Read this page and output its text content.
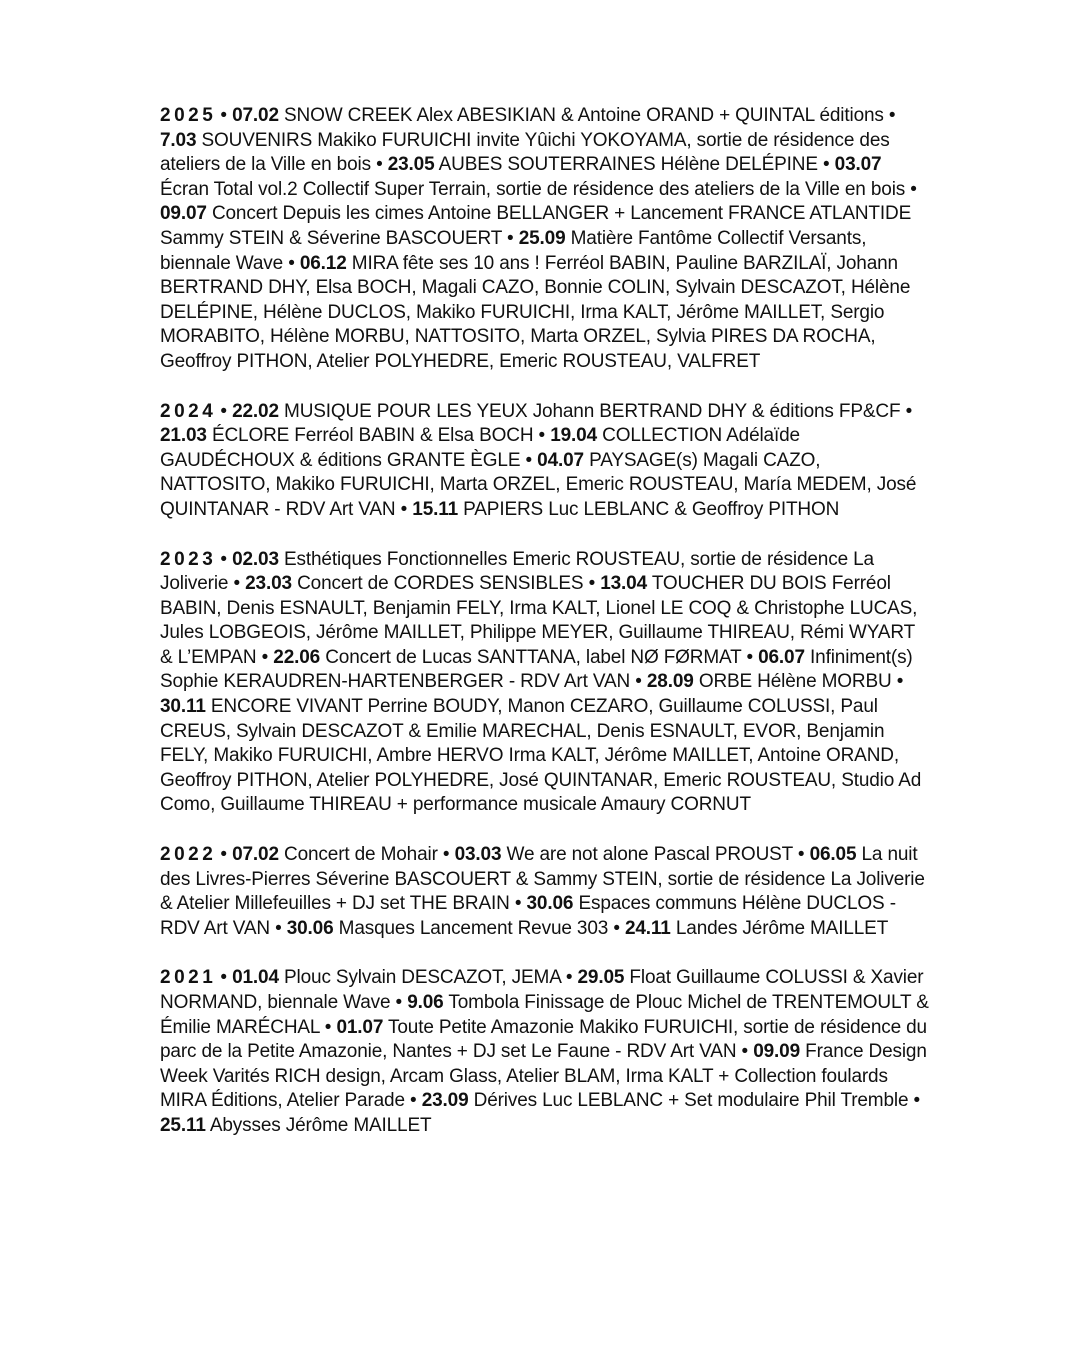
2025 • 07.02 SNOW CREEK Alex ABESIKIAN & Antoine ORAND + QUINTAL éditions • 7.03 SOUVENIRS Makiko FURUICHI invite Yûichi YOKOYAMA, sortie de résidence des ateliers de la Ville en bois • 23.05 AUBES SOUTERRAINES Hélène DELÉPINE • 03.07 Écran Total vol.2 Collectif Super Terrain, sortie de résidence des ateliers de la Ville en bois • 09.07 Concert Depuis les cimes Antoine BELLANGER + Lancement FRANCE ATLANTIDE Sammy STEIN & Séverine BASCOUERT • 25.09 Matière Fantôme Collectif Versants, biennale Wave • 06.12 MIRA fête ses 10 ans ! Ferréol BABIN, Pauline BARZILAÏ, Johann BERTRAND DHY, Elsa BOCH, Magali CAZO, Bonnie COLIN, Sylvain DESCAZOT, Hélène DELÉPINE, Hélène DUCLOS, Makiko FURUICHI, Irma KALT, Jérôme MAILLET, Sergio MORABITO, Hélène MORBU, NATTOSITO, Marta ORZEL, Sylvia PIRES DA ROCHA, Geoffroy PITHON, Atelier POLYHEDRE, Emeric ROUSTEAU, VALFRET

2024 • 22.02 MUSIQUE POUR LES YEUX Johann BERTRAND DHY & éditions FP&CF • 21.03 ÉCLORE Ferréol BABIN & Elsa BOCH • 19.04 COLLECTION Adélaïde GAUDÉCHOUX & éditions GRANTE ÈGLE • 04.07 PAYSAGE(s) Magali CAZO, NATTOSITO, Makiko FURUICHI, Marta ORZEL, Emeric ROUSTEAU, María MEDEM, José QUINTANAR - RDV Art VAN • 15.11 PAPIERS Luc LEBLANC & Geoffroy PITHON

2023 • 02.03 Esthétiques Fonctionnelles Emeric ROUSTEAU, sortie de résidence La Joliverie • 23.03 Concert de CORDES SENSIBLES • 13.04 TOUCHER DU BOIS Ferréol BABIN, Denis ESNAULT, Benjamin FELY, Irma KALT, Lionel LE COQ & Christophe LUCAS, Jules LOBGEOIS, Jérôme MAILLET, Philippe MEYER, Guillaume THIREAU, Rémi WYART & L’EMPAN • 22.06 Concert de Lucas SANTTANA, label NØ FØRMAT • 06.07 Infiniment(s) Sophie KERAUDREN-HARTENBERGER - RDV Art VAN • 28.09 ORBE Hélène MORBU • 30.11 ENCORE VIVANT Perrine BOUDY, Manon CEZARO, Guillaume COLUSSI, Paul CREUS, Sylvain DESCAZOT & Emilie MARECHAL, Denis ESNAULT, EVOR, Benjamin FELY, Makiko FURUICHI, Ambre HERVO Irma KALT, Jérôme MAILLET, Antoine ORAND, Geoffroy PITHON, Atelier POLYHEDRE, José QUINTANAR, Emeric ROUSTEAU, Studio Ad Como, Guillaume THIREAU + performance musicale Amaury CORNUT

2022 • 07.02 Concert de Mohair • 03.03 We are not alone Pascal PROUST • 06.05 La nuit des Livres-Pierres Séverine BASCOUERT & Sammy STEIN, sortie de résidence La Joliverie & Atelier Millefeuilles + DJ set THE BRAIN • 30.06 Espaces communs Hélène DUCLOS - RDV Art VAN • 30.06 Masques Lancement Revue 303 • 24.11 Landes Jérôme MAILLET

2021 • 01.04 Plouc Sylvain DESCAZOT, JEMA • 29.05 Float Guillaume COLUSSI & Xavier NORMAND, biennale Wave • 9.06 Tombola Finissage de Plouc Michel de TRENTEMOULT & Émilie MARÉCHAL • 01.07 Toute Petite Amazonie Makiko FURUICHI, sortie de résidence du parc de la Petite Amazonie, Nantes + DJ set Le Faune - RDV Art VAN • 09.09 France Design Week Varités RICH design, Arcam Glass, Atelier BLAM, Irma KALT + Collection foulards MIRA Éditions, Atelier Parade • 23.09 Dérives Luc LEBLANC + Set modulaire Phil Tremble • 25.11 Abysses Jérôme MAILLET
